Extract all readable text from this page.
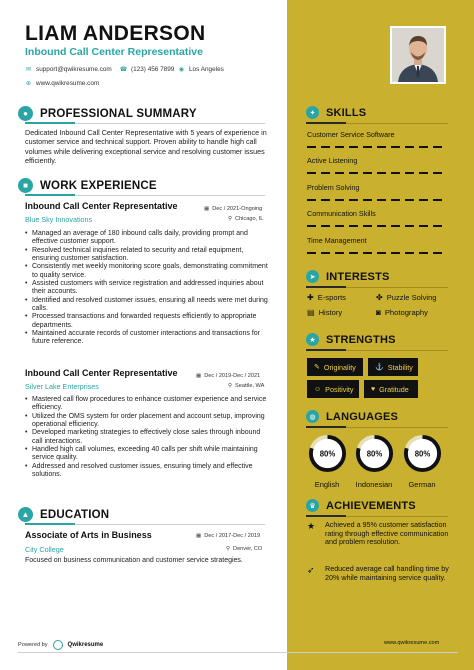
LIAM ANDERSON
Inbound Call Center Representative
✉ support@qwikresume.com ☎ (123) 456 7899 ◉ Los Angeles
⊕ www.qwikresume.com
●	PROFESSIONAL SUMMARY
Dedicated Inbound Call Center Representative with 5 years of experience in customer service and technical support. Proven ability to handle high call volumes while delivering exceptional service and resolving customer issues efficiently.
■	WORK EXPERIENCE
Inbound Call Center Representative	▦ Dec / 2021-Ongoing
Blue Sky Innovations	⚲ Chicago, IL
• Managed an average of 180 inbound calls daily, providing prompt and effective customer support.
• Resolved technical inquiries related to security and retail equipment, ensuring customer satisfaction.
• Consistently met weekly monitoring score goals, demonstrating commitment to quality service.
• Assisted customers with service registration and addressed inquiries about their accounts.
• Identified and resolved customer issues, ensuring all needs were met during calls.
• Processed transactions and forwarded requests efficiently to appropriate departments.
• Maintained accurate records of customer interactions and transactions for future reference.
Inbound Call Center Representative	▦ Dec / 2019-Dec / 2021
Silver Lake Enterprises	⚲ Seattle, WA
• Mastered call flow procedures to enhance customer experience and service efficiency.
• Utilized the OMS system for order placement and account setup, improving operational efficiency.
• Developed marketing strategies to effectively close sales through inbound call interactions.
• Handled high call volumes, exceeding 40 calls per shift while maintaining service quality.
• Addressed and resolved customer issues, ensuring timely and effective solutions.
▲ EDUCATION
Associate of Arts in Business	▦ Dec / 2017-Dec / 2019
City College	⚲ Denver, CO
Focused on business communication and customer service strategies.
Powered by	Qwikresume
✦ SKILLS
Customer Service Software
Active Listening
Problem Solving
Communication Skills
Time Management
➤ INTERESTS
✚ E-sports	✤ Puzzle Solving
▤ History	◙ Photography
★ STRENGTHS
✎ Originality	⚓ Stability
☺ Positivity ♥ Gratitude
◍ LANGUAGES
80%
English
80%
Indonesian
80%
German
♛ ACHIEVEMENTS
★ Achieved a 95% customer satisfaction rating through effective communication and problem resolution.
➶	Reduced average call handling time by 20% while maintaining service quality.
www.qwikresume.com
